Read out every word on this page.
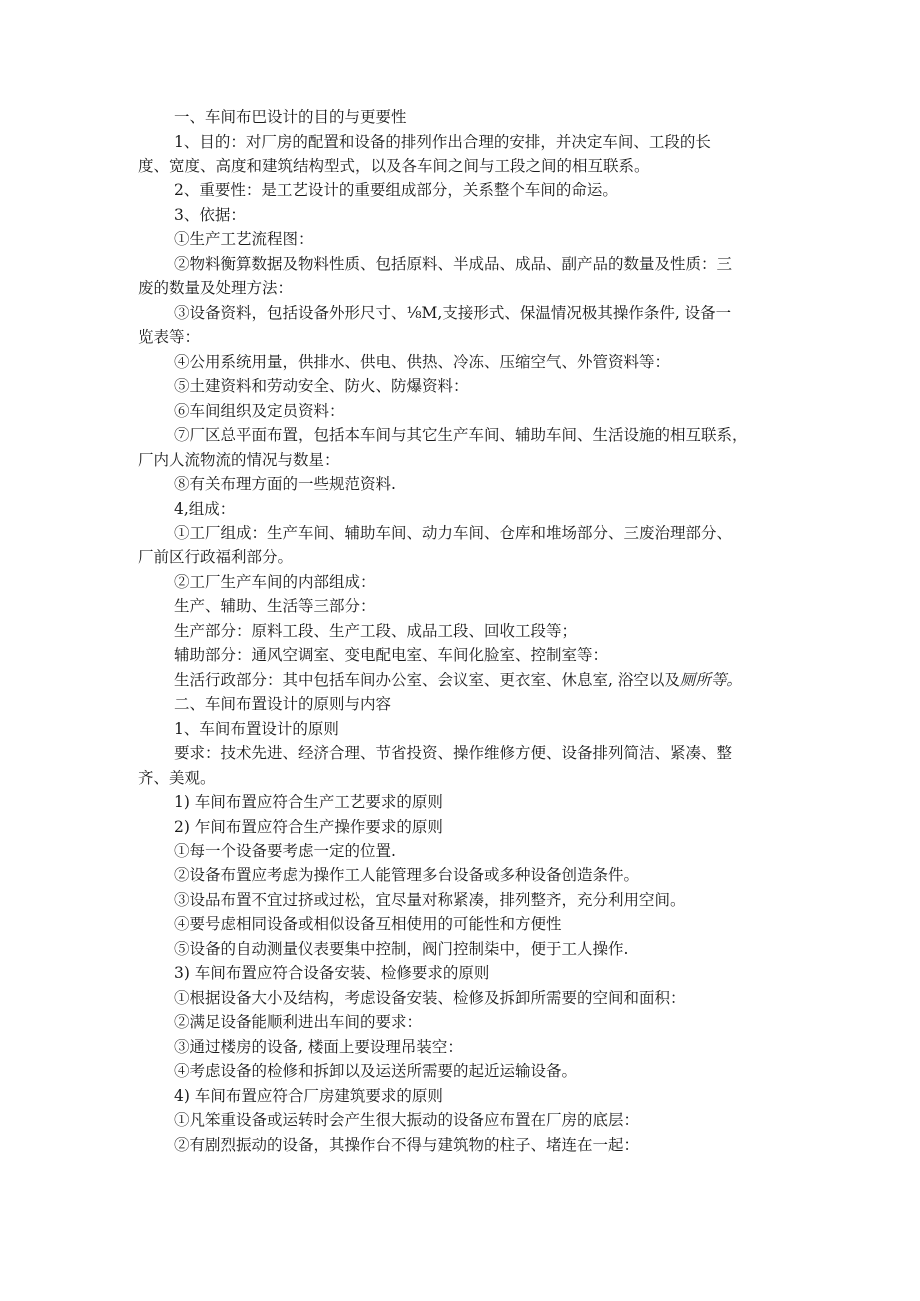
一、车间布巴设计的目的与更要性

1、目的：对厂房的配置和设备的排列作出合理的安排，并决定车间、工段的长

度、宽度、高度和建筑结构型式，以及各车间之间与工段之间的相互联系。

2、重要性：是工艺设计的重要组成部分，关系整个车间的命运。

3、依据：

①生产工艺流程图：

②物料衡算数据及物料性质、包括原料、半成品、成品、副产品的数量及性质：三

废的数量及处理方法：

③设备资料，包括设备外形尺寸、⅛M,支接形式、保温情况极其操作条件, 设备一

览表等：

④公用系统用量，供排水、供电、供热、冷冻、压缩空气、外管资料等：

⑤土建资料和劳动安全、防火、防爆资料：

⑥车间组织及定员资料：

⑦厂区总平面布置，包括本车间与其它生产车间、辅助车间、生活设施的相互联系，

厂内人流物流的情况与数星：

⑧有关布理方面的一些规范资料.

4,组成：

①工厂组成：生产车间、辅助车间、动力车间、仓库和堆场部分、三废治理部分、

厂前区行政福利部分。

②工厂生产车间的内部组成：

生产、辅助、生活等三部分：

生产部分：原料工段、生产工段、成品工段、回收工段等；

辅助部分：通风空调室、变电配电室、车间化脸室、控制室等：

生活行政部分：其中包括车间办公室、会议室、更衣室、休息室, 浴空以及厕所等。

二、车间布置设计的原则与内容

1、车间布置设计的原则

要求：技术先进、经济合理、节省投资、操作维修方便、设备排列简洁、紧凑、整

齐、美观。

1) 车间布置应符合生产工艺要求的原则

2) 乍间布置应符合生产操作要求的原则

①每一个设备要考虑一定的位置.

②设备布置应考虑为操作工人能管理多台设备或多种设备创造条件。

③设品布置不宜过挤或过松，宜尽量对称紧凑，排列整齐，充分利用空间。

④要号虑相同设备或相似设备互相使用的可能性和方便性

⑤设备的自动测量仪表要集中控制，阀门控制柒中，便于工人操作.

3) 车间布置应符合设备安装、检修要求的原则

①根据设备大小及结构，考虑设备安装、检修及拆卸所需要的空间和面积：

②满足设备能顺利进出车间的要求：

③通过楼房的设备, 楼面上要设理吊装空：

④考虑设备的检修和拆卸以及运送所需要的起近运输设备。

4) 车间布置应符合厂房建筑要求的原则

①凡笨重设备或运转时会产生很大振动的设备应布置在厂房的底层：

②有剧烈振动的设备，其操作台不得与建筑物的柱子、堵连在一起：
